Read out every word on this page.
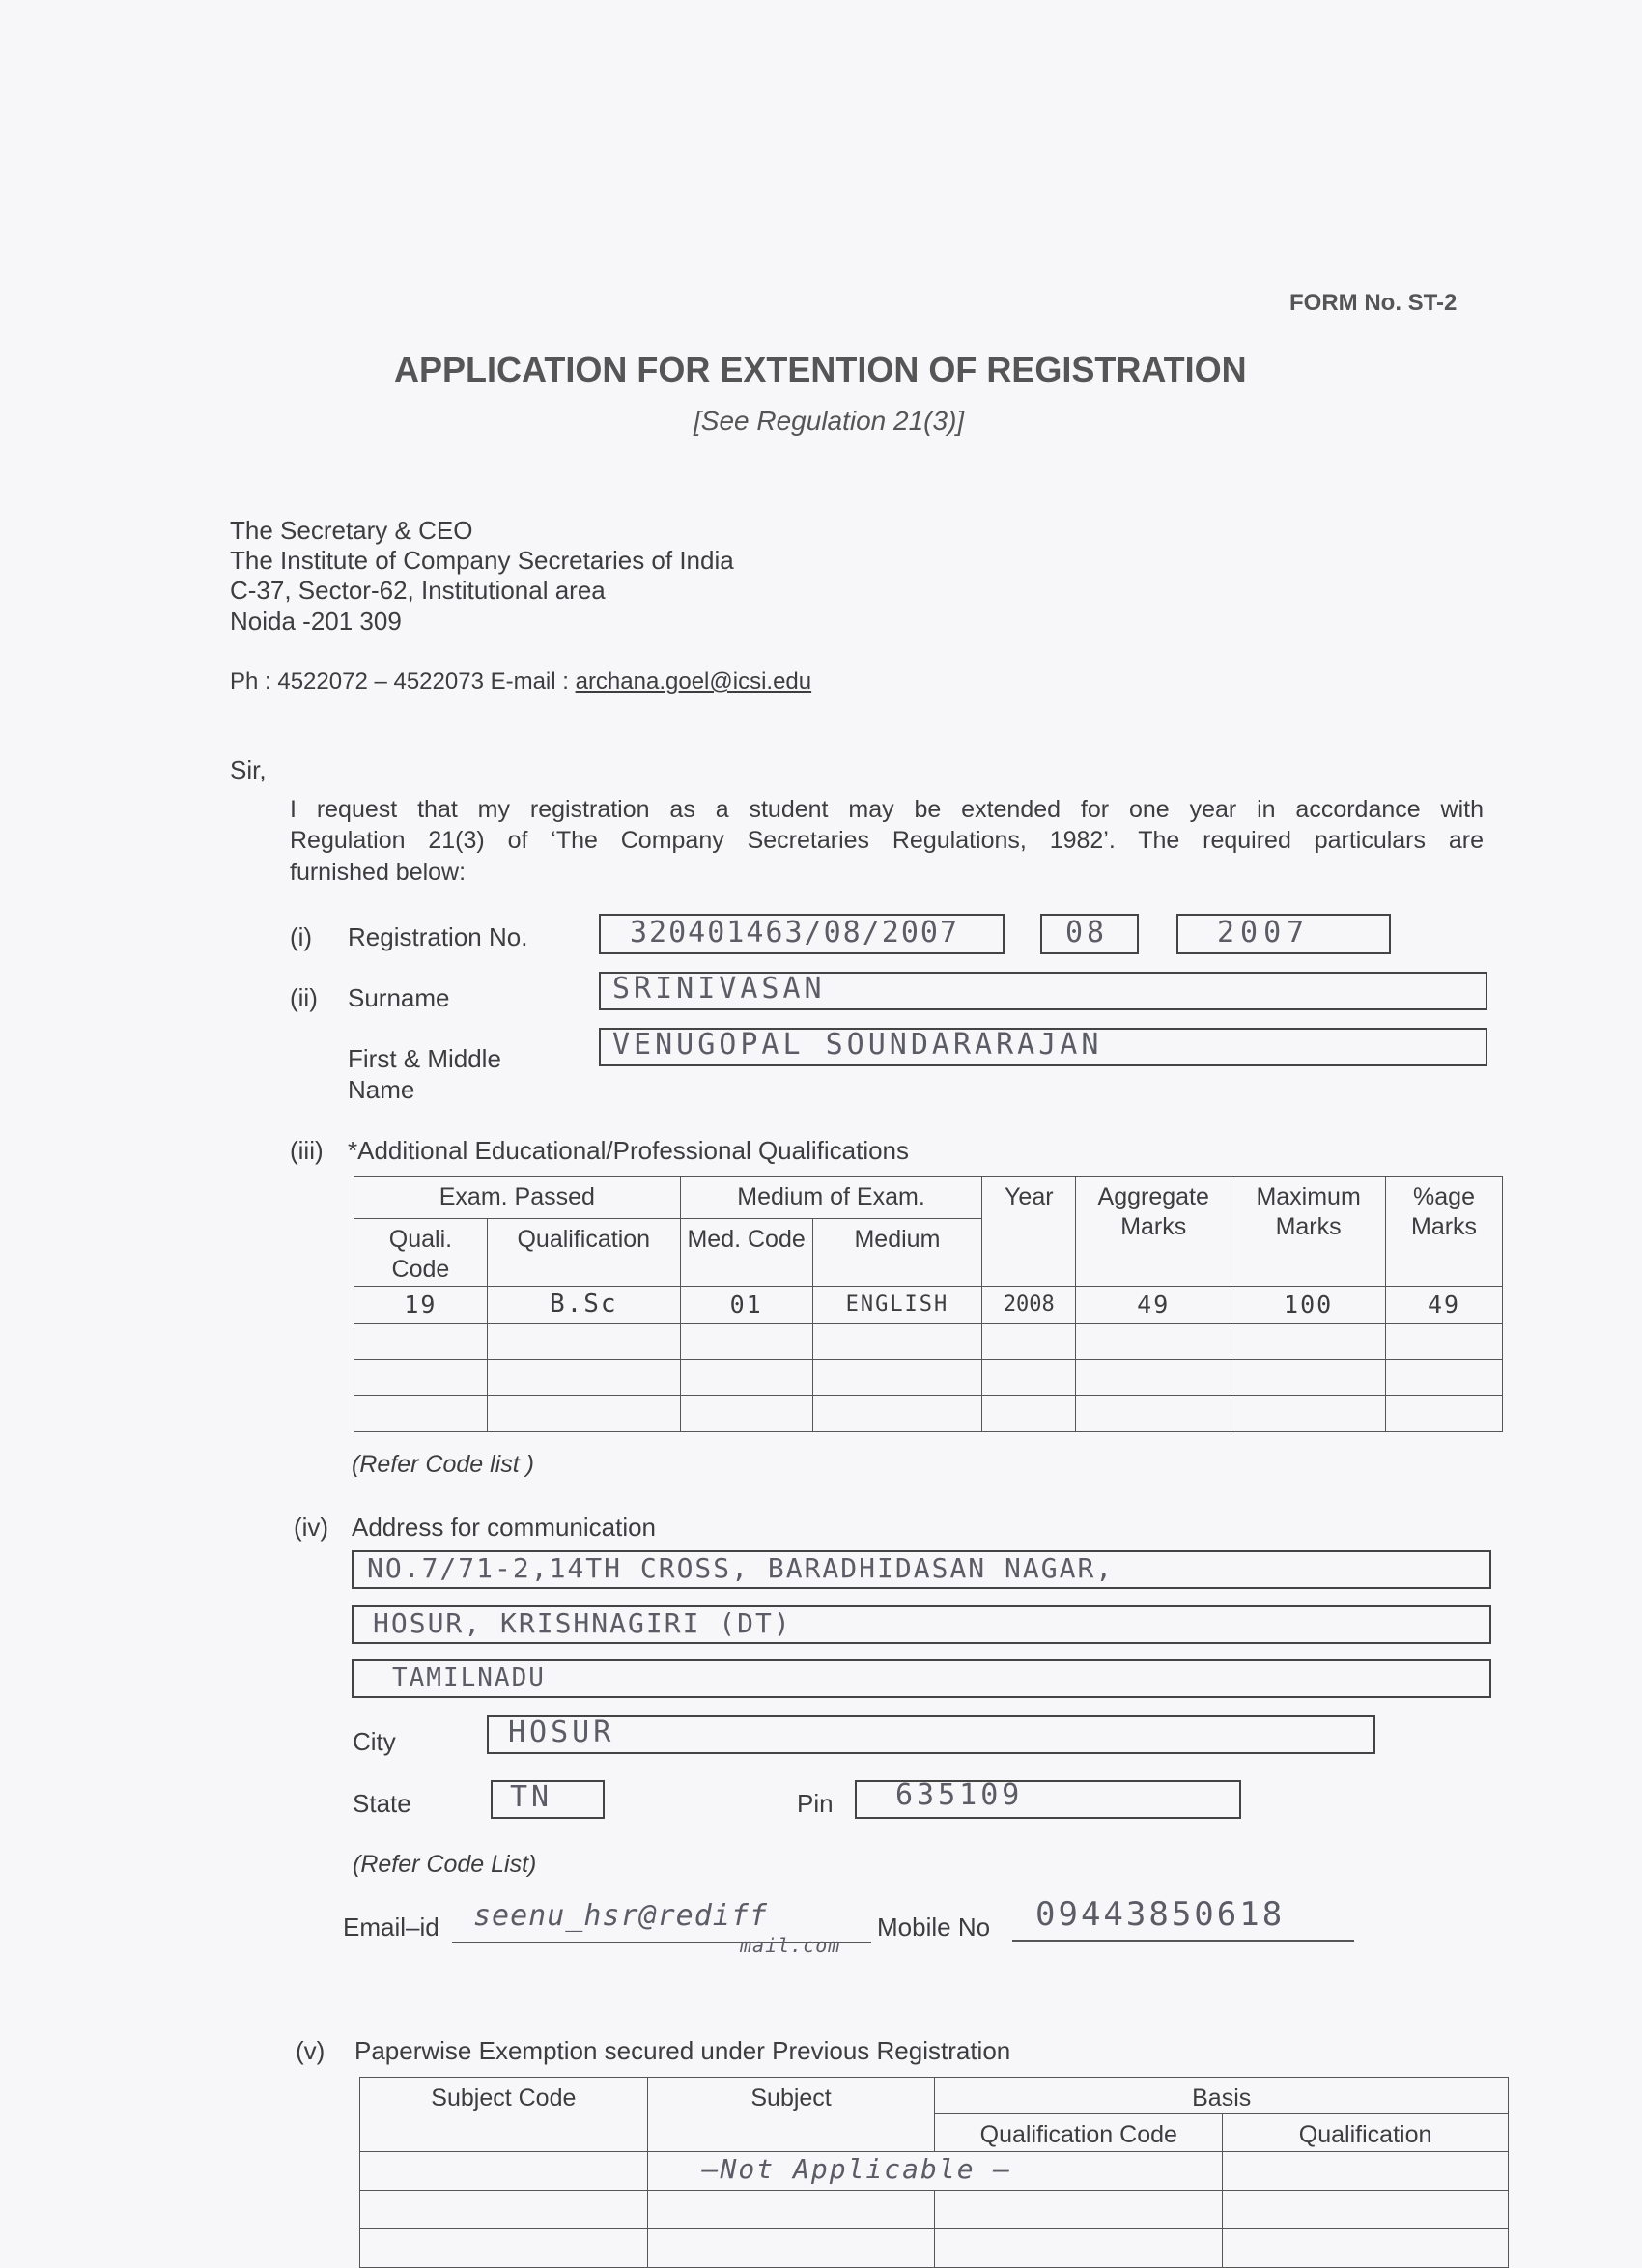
FORM No. ST-2
APPLICATION FOR EXTENTION OF REGISTRATION
[See Regulation 21(3)]
The Secretary & CEO
The Institute of Company Secretaries of India
C-37, Sector-62, Institutional area
Noida -201 309
Ph : 4522072 – 4522073 E-mail : archana.goel@icsi.edu
Sir,
I request that my registration as a student may be extended for one year in accordance with
Regulation 21(3) of ‘The Company Secretaries Regulations, 1982’. The required particulars are
furnished below:
(i) Registration No.	320401463/08/2007	08	2007
(ii) Surname	SRINIVASAN
First & Middle
Name
VENUGOPAL SOUNDARARAJAN
(iii) *Additional Educational/Professional Qualifications
Exam. Passed		Medium of Exam.		Year	Aggregate Marks	Maximum Marks	%age Marks
Quali. Code	Qualification	Med. Code	Medium				
19	B.Sc	01	ENGLISH	2008	49	100	49

(Refer Code list )
(iv) Address for communication
NO.7/71-2,14TH CROSS, BARADHIDASAN NAGAR,
HOSUR, KRISHNAGIRI (DT)
TAMILNADU
City	HOSUR
State	TN	Pin 635109
(Refer Code List)
Email–id seenu_hsr@rediff
mail.com
Mobile No 09443850618
(v) Paperwise Exemption secured under Previous Registration
Subject Code	Subject	Basis	
		Qualification Code	Qualification

	—Not Applicable —		
